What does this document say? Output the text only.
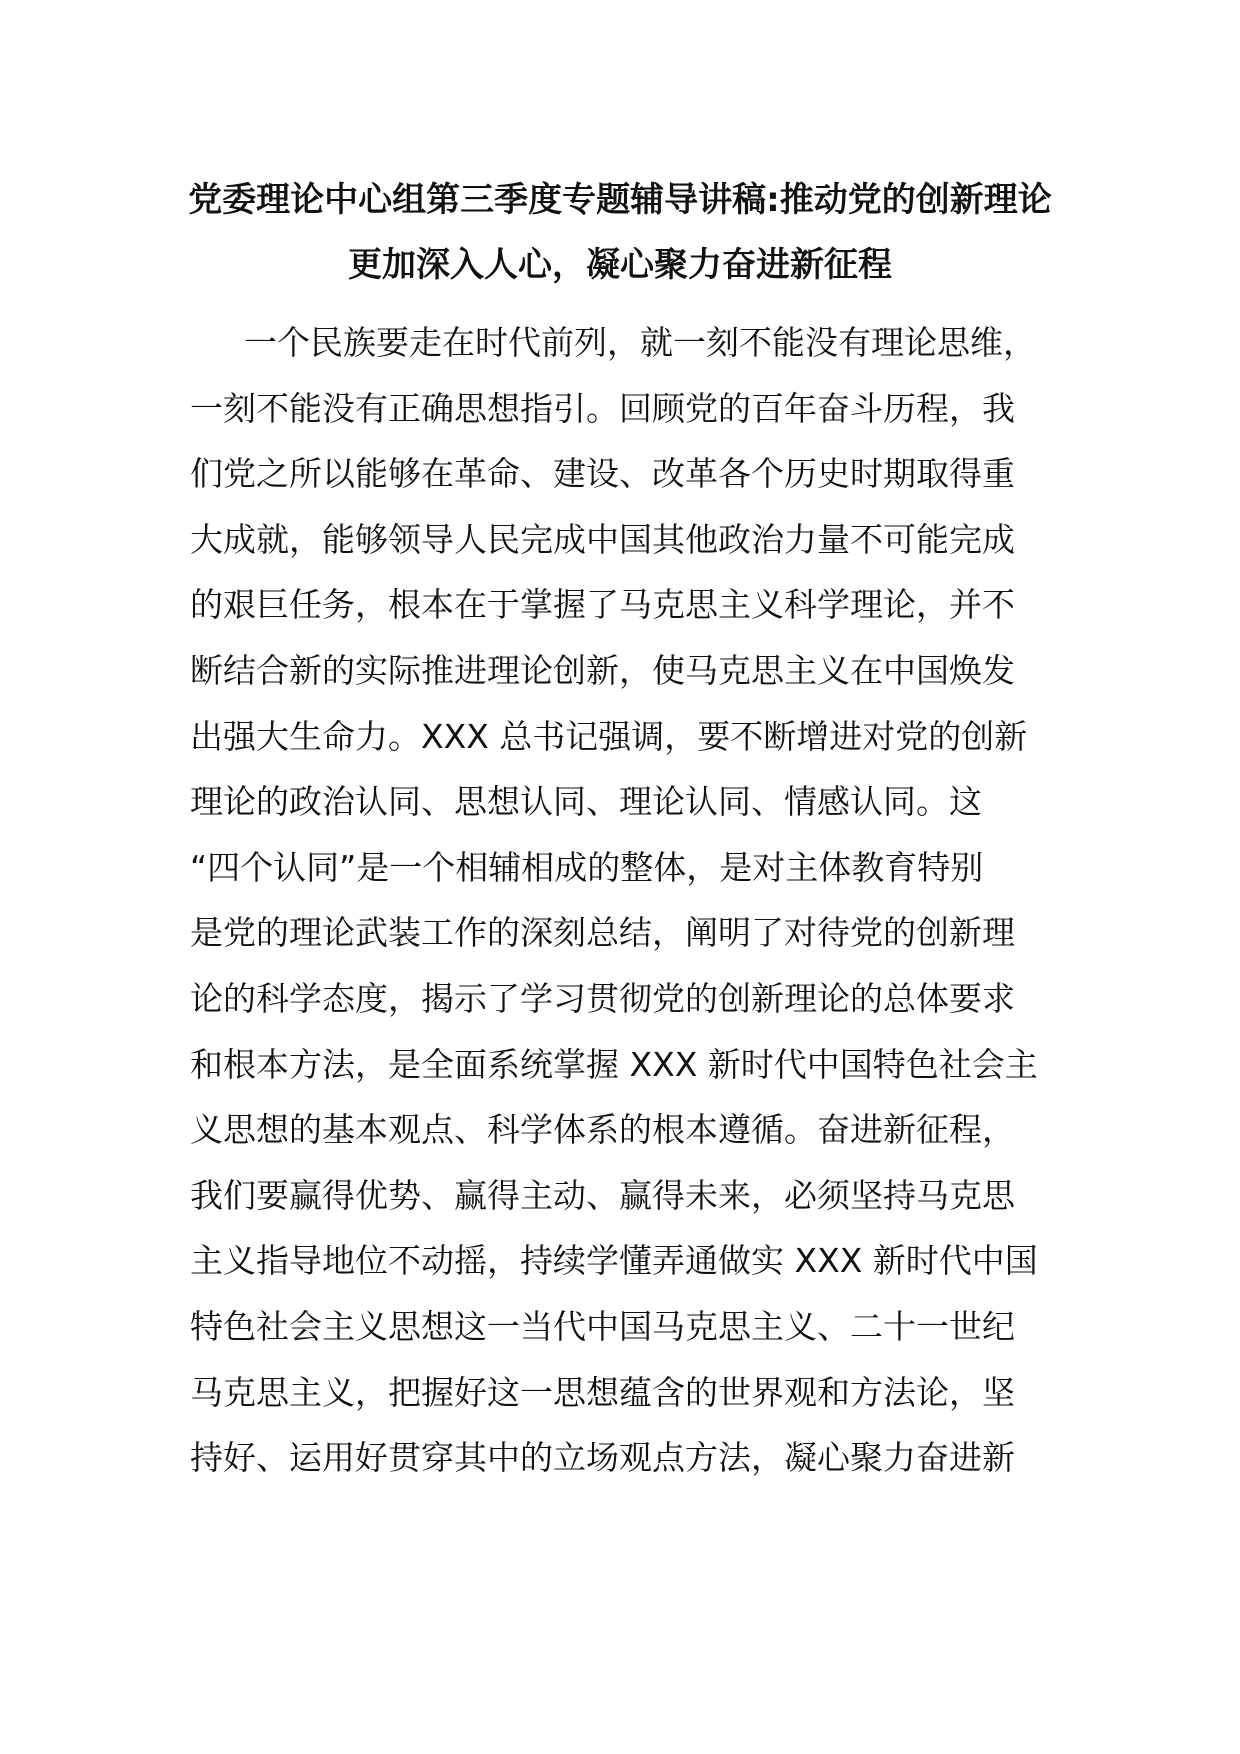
党委理论中心组第三季度专题辅导讲稿:推动党的创新理论
更加深入人心，凝心聚力奋进新征程
一个民族要走在时代前列，就一刻不能没有理论思维，
一刻不能没有正确思想指引。回顾党的百年奋斗历程，我
们党之所以能够在革命、建设、改革各个历史时期取得重
大成就，能够领导人民完成中国其他政治力量不可能完成
的艰巨任务，根本在于掌握了马克思主义科学理论，并不
断结合新的实际推进理论创新，使马克思主义在中国焕发
出强大生命力。XXX 总书记强调，要不断增进对党的创新
理论的政治认同、思想认同、理论认同、情感认同。这
“四个认同”是一个相辅相成的整体，是对主体教育特别
是党的理论武装工作的深刻总结，阐明了对待党的创新理
论的科学态度，揭示了学习贯彻党的创新理论的总体要求
和根本方法，是全面系统掌握 XXX 新时代中国特色社会主
义思想的基本观点、科学体系的根本遵循。奋进新征程，
我们要赢得优势、赢得主动、赢得未来，必须坚持马克思
主义指导地位不动摇，持续学懂弄通做实 XXX 新时代中国
特色社会主义思想这一当代中国马克思主义、二十一世纪
马克思主义，把握好这一思想蕴含的世界观和方法论，坚
持好、运用好贯穿其中的立场观点方法，凝心聚力奋进新
